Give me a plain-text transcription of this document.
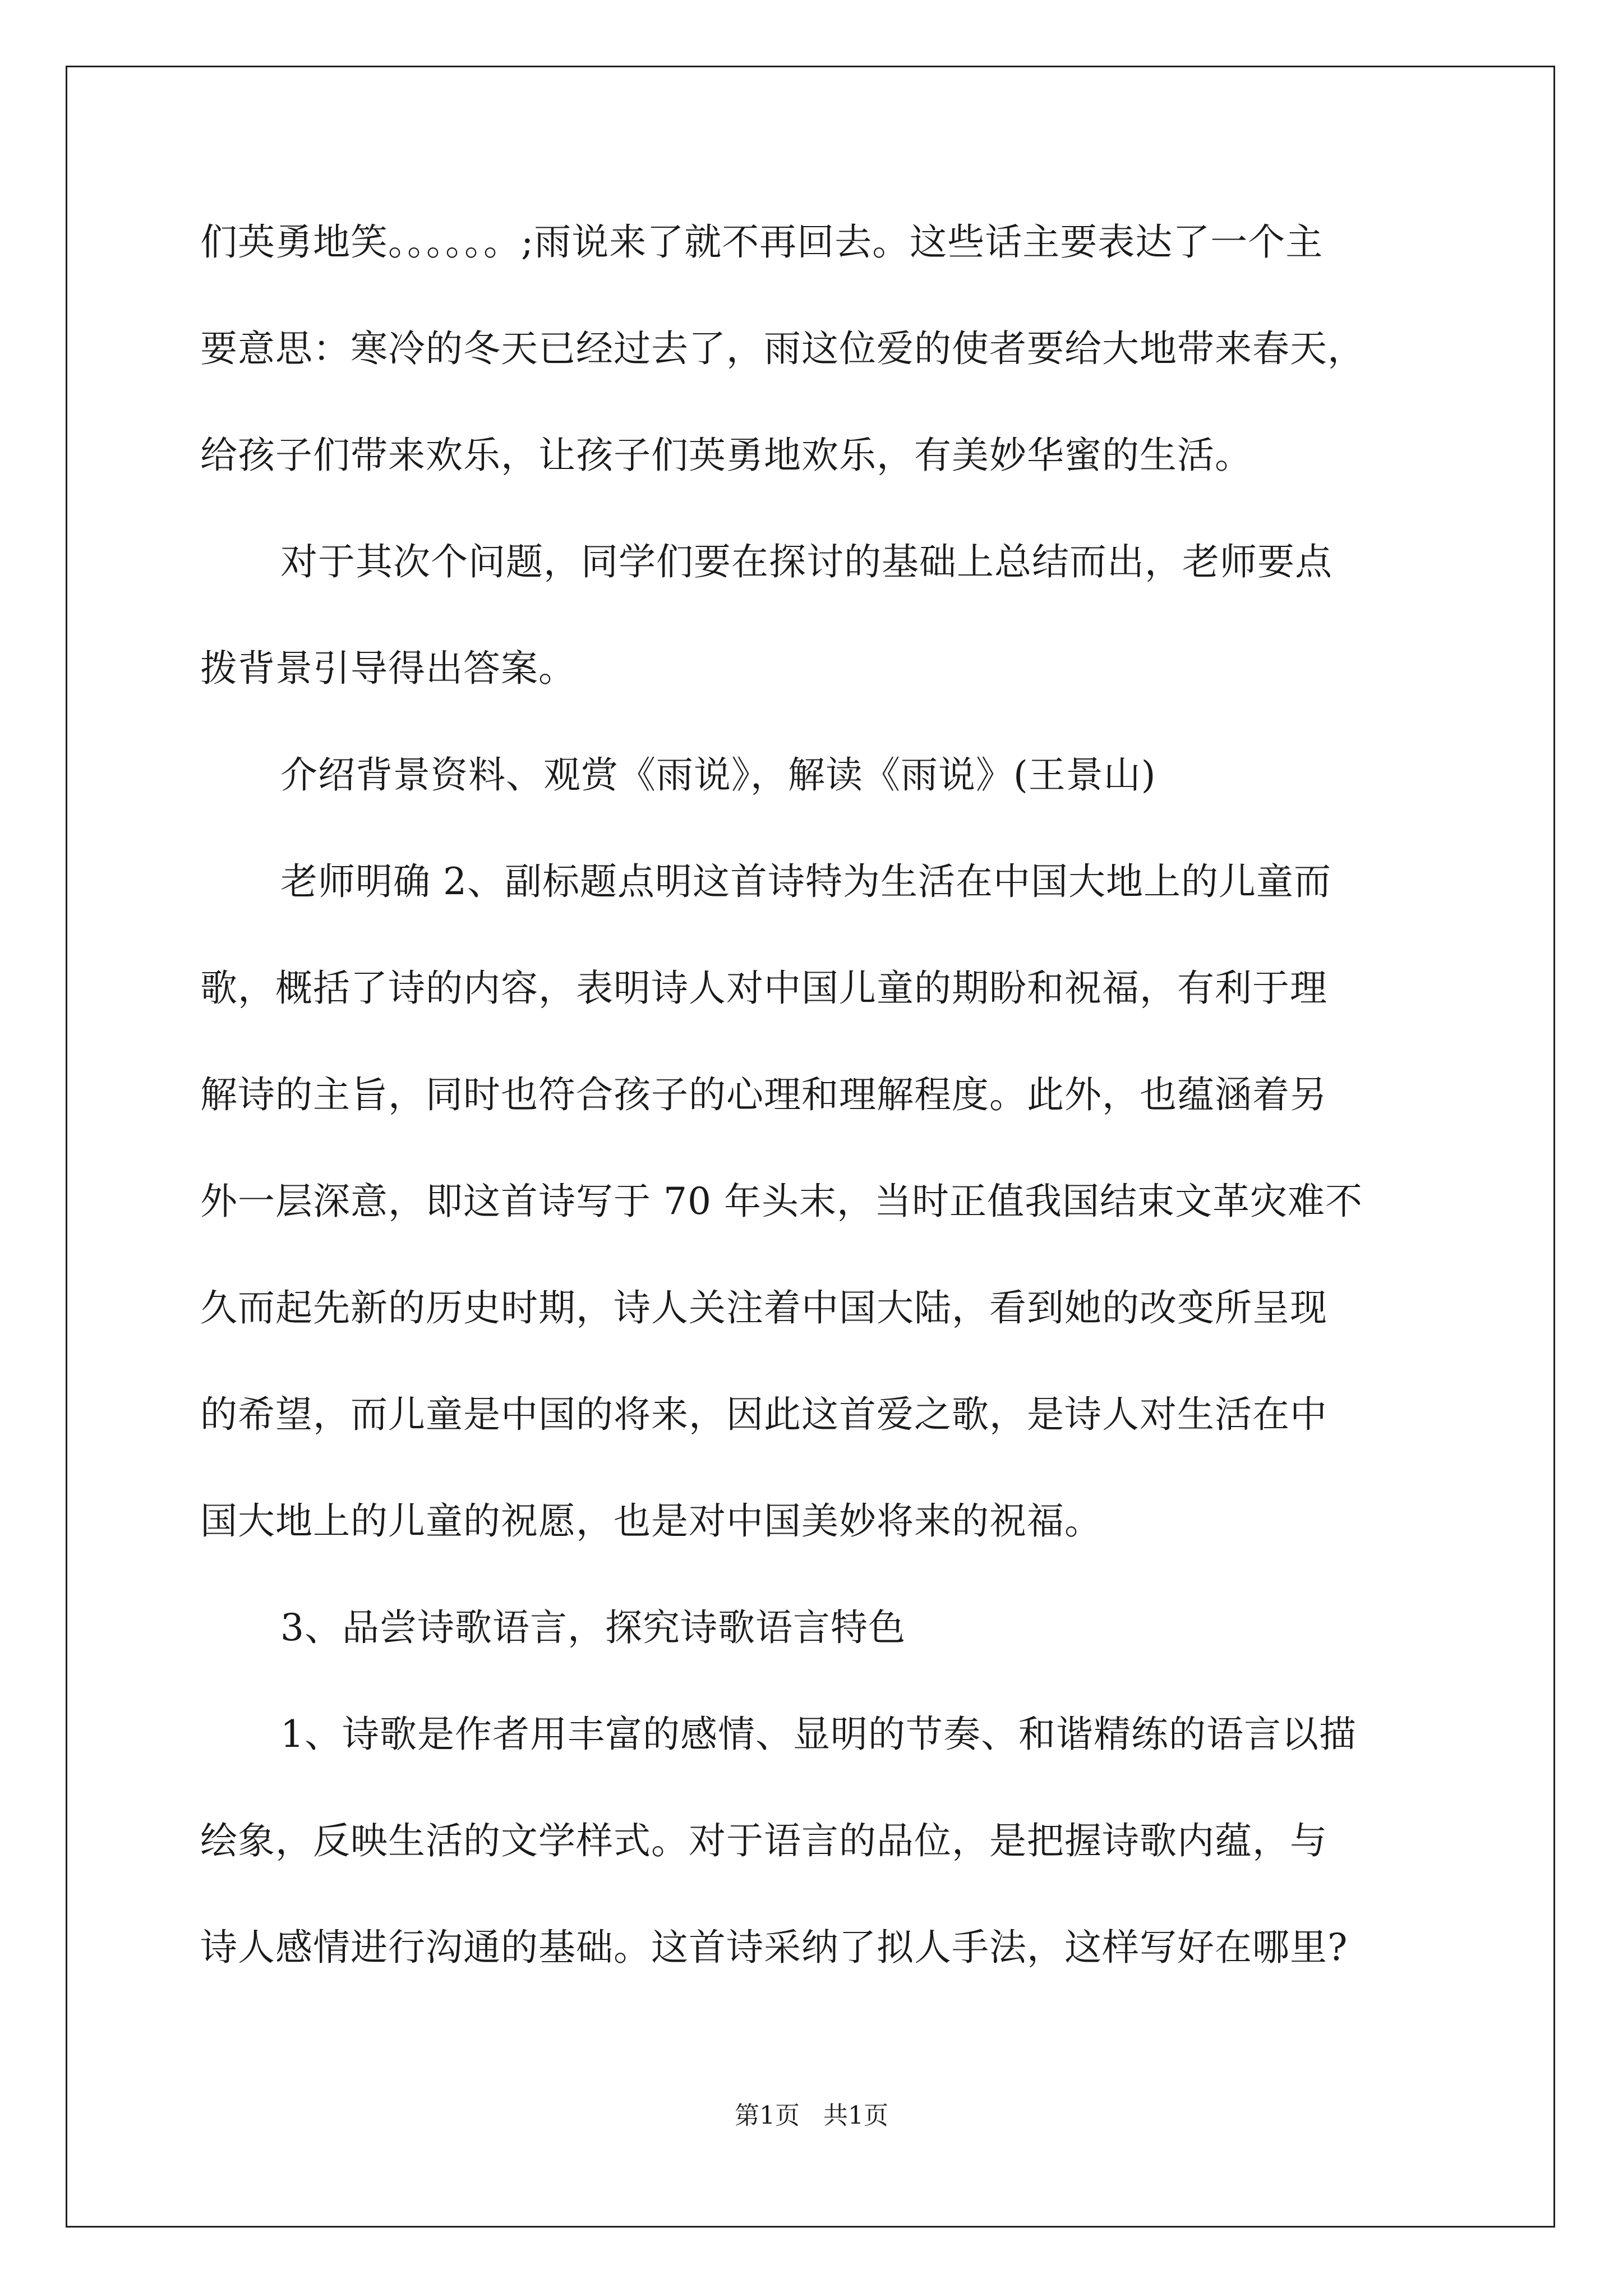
们英勇地笑。。。。。。;雨说来了就不再回去。这些话主要表达了一个主
要意思：寒冷的冬天已经过去了，雨这位爱的使者要给大地带来春天，
给孩子们带来欢乐，让孩子们英勇地欢乐，有美妙华蜜的生活。
对于其次个问题，同学们要在探讨的基础上总结而出，老师要点
拨背景引导得出答案。
介绍背景资料、观赏《雨说》，解读《雨说》(王景山)
老师明确 2、副标题点明这首诗特为生活在中国大地上的儿童而
歌，概括了诗的内容，表明诗人对中国儿童的期盼和祝福，有利于理
解诗的主旨，同时也符合孩子的心理和理解程度。此外，也蕴涵着另
外一层深意，即这首诗写于 70 年头末，当时正值我国结束文革灾难不
久而起先新的历史时期，诗人关注着中国大陆，看到她的改变所呈现
的希望，而儿童是中国的将来，因此这首爱之歌，是诗人对生活在中
国大地上的儿童的祝愿，也是对中国美妙将来的祝福。
3、品尝诗歌语言，探究诗歌语言特色
1、诗歌是作者用丰富的感情、显明的节奏、和谐精练的语言以描
绘象，反映生活的文学样式。对于语言的品位，是把握诗歌内蕴，与
诗人感情进行沟通的基础。这首诗采纳了拟人手法，这样写好在哪里?
第1页   共1页
